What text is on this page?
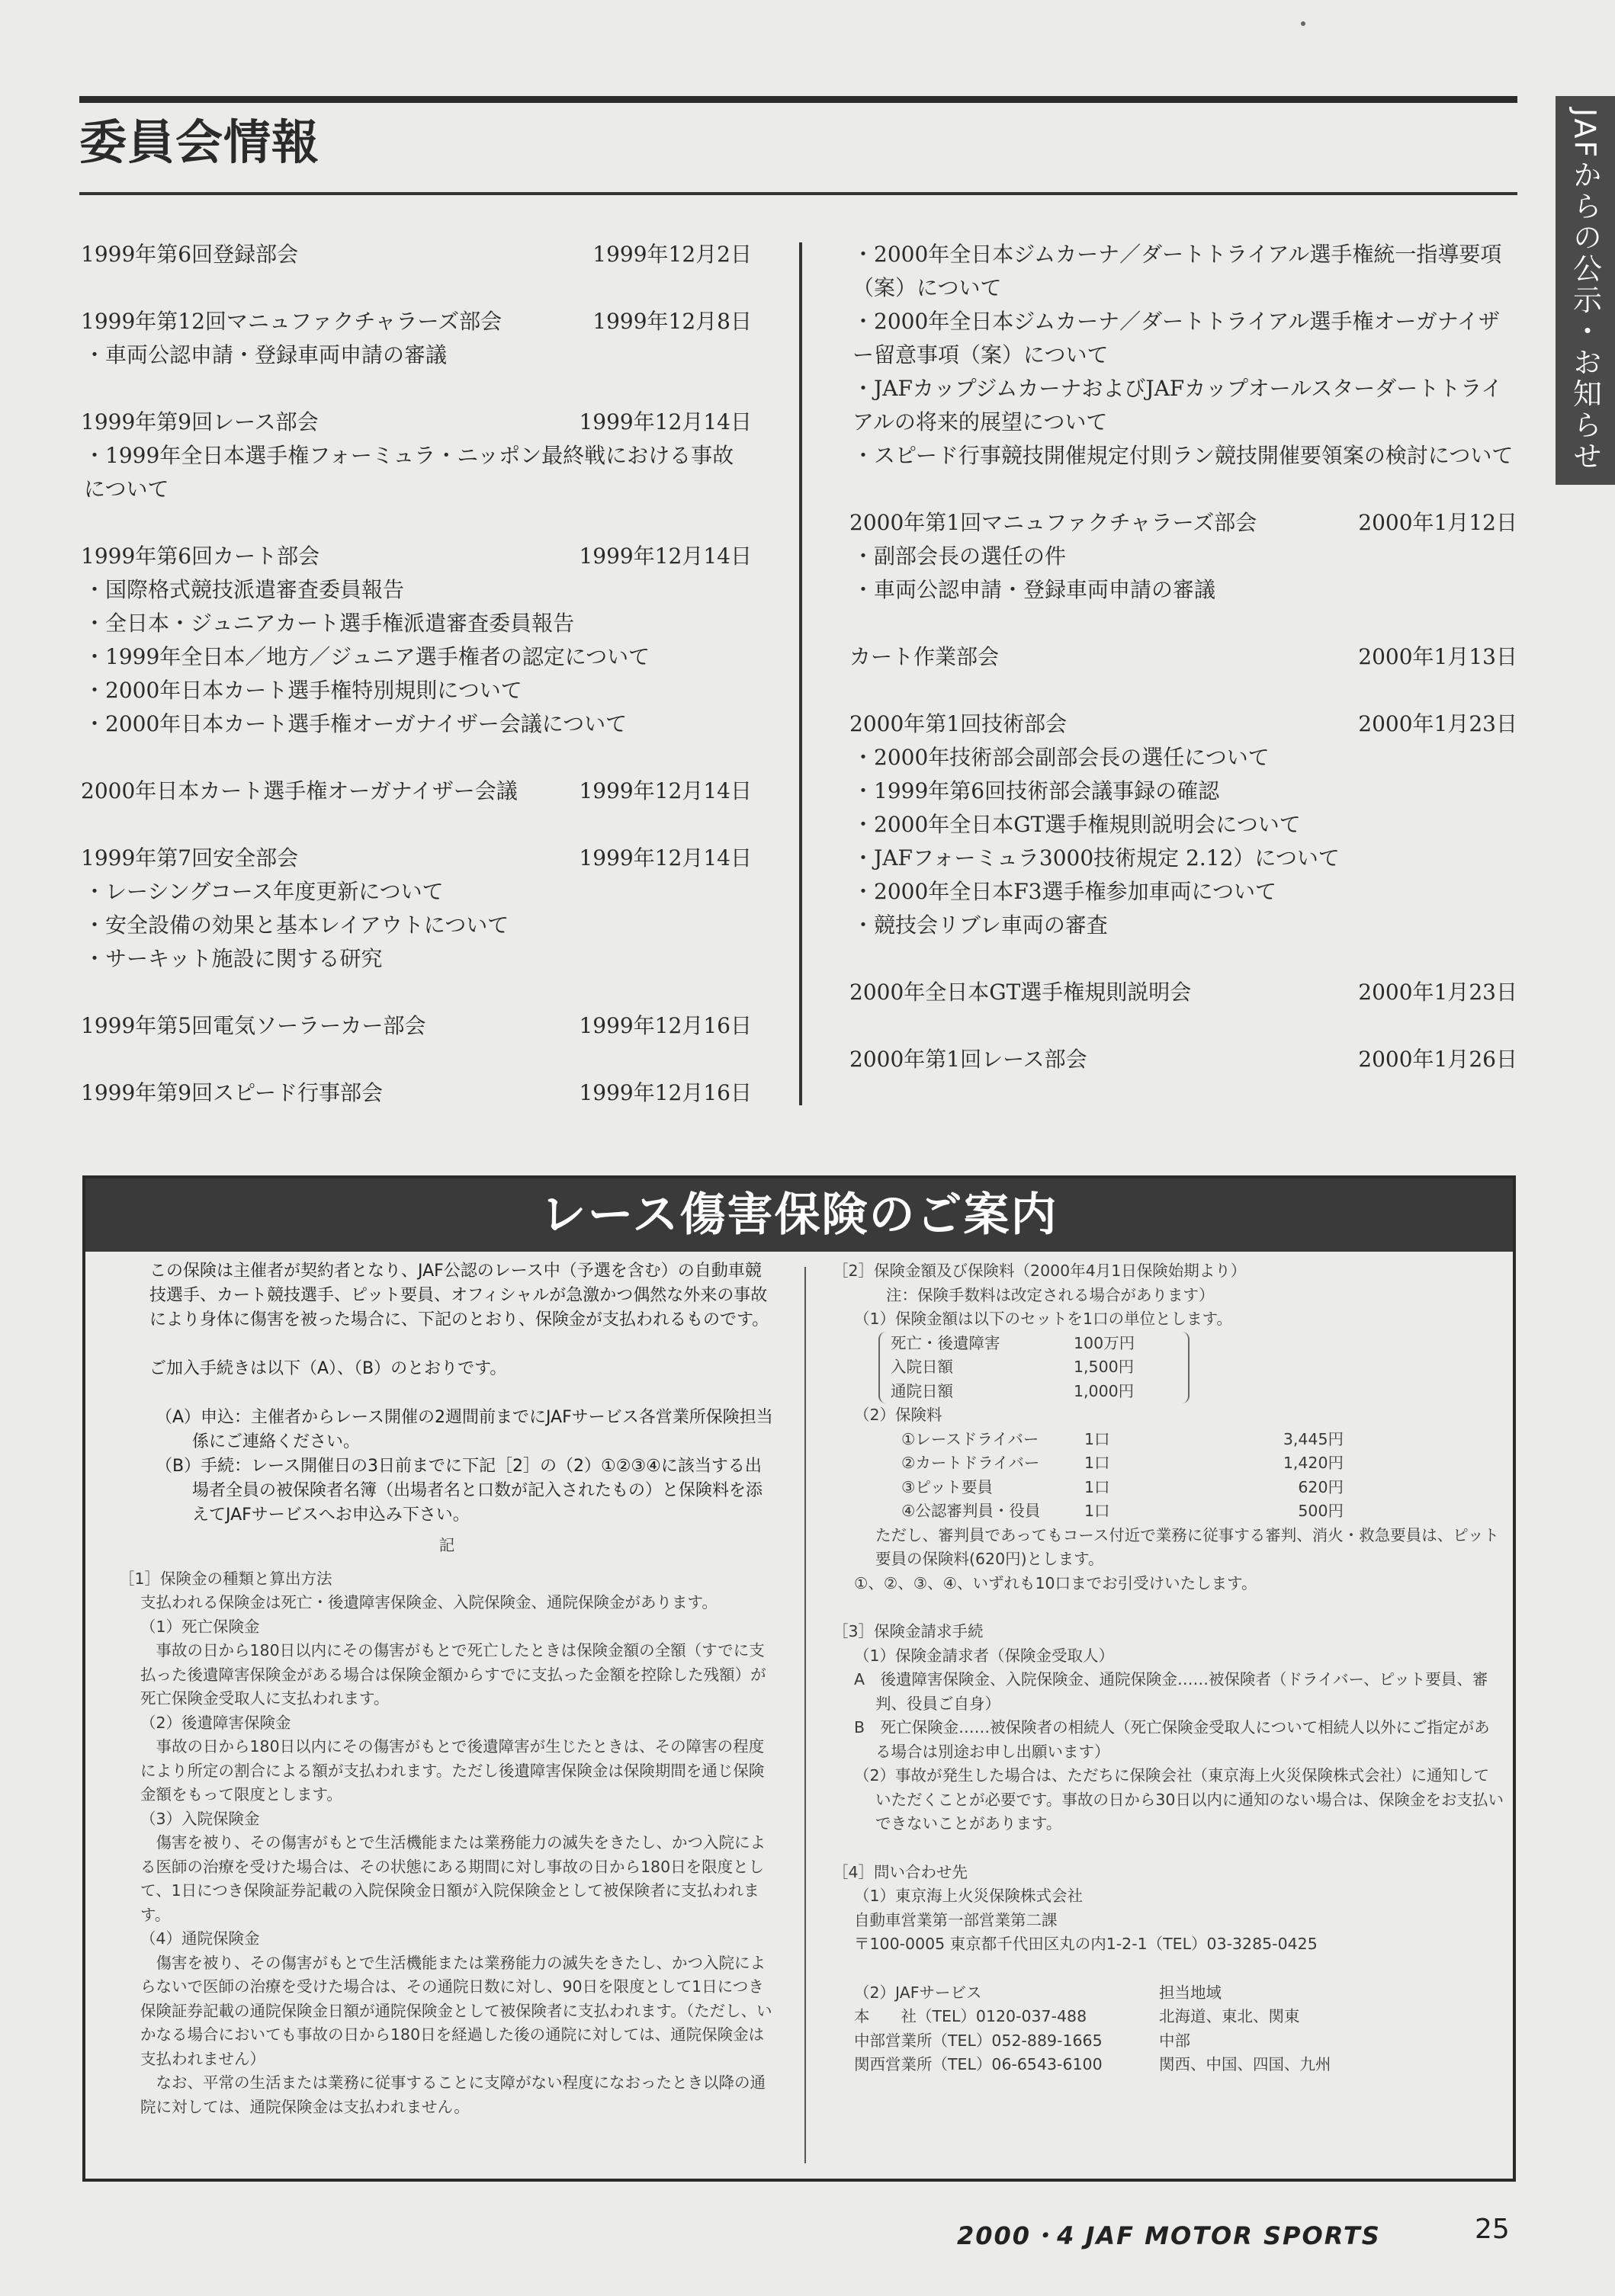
委員会情報	JAFからの公示・お知らせ
1999年第6回登録部会	1999年12月2日
1999年第12回マニュファクチャラーズ部会	1999年12月8日
・車両公認申請・登録車両申請の審議
1999年第9回レース部会	1999年12月14日
・1999年全日本選手権フォーミュラ・ニッポン最終戦における事故について
1999年第6回カート部会	1999年12月14日
・国際格式競技派遣審査委員報告
・全日本・ジュニアカート選手権派遣審査委員報告
・1999年全日本／地方／ジュニア選手権者の認定について
・2000年日本カート選手権特別規則について
・2000年日本カート選手権オーガナイザー会議について
2000年日本カート選手権オーガナイザー会議	1999年12月14日
1999年第7回安全部会	1999年12月14日
・レーシングコース年度更新について
・安全設備の効果と基本レイアウトについて
・サーキット施設に関する研究
1999年第5回電気ソーラーカー部会	1999年12月16日
1999年第9回スピード行事部会	1999年12月16日
・2000年全日本ジムカーナ／ダートトライアル選手権統一指導要項（案）について
・2000年全日本ジムカーナ／ダートトライアル選手権オーガナイザー留意事項（案）について
・JAFカップジムカーナおよびJAFカップオールスターダートトライアルの将来的展望について
・スピード行事競技開催規定付則ラン競技開催要領案の検討について
2000年第1回マニュファクチャラーズ部会	2000年1月12日
・副部会長の選任の件
・車両公認申請・登録車両申請の審議
カート作業部会	2000年1月13日
2000年第1回技術部会	2000年1月23日
・2000年技術部会副部会長の選任について
・1999年第6回技術部会議事録の確認
・2000年全日本GT選手権規則説明会について
・JAFフォーミュラ3000技術規定 2.12）について
・2000年全日本F3選手権参加車両について
・競技会リブレ車両の審査
2000年全日本GT選手権規則説明会	2000年1月23日
2000年第1回レース部会	2000年1月26日
レース傷害保険のご案内

この保険は主催者が契約者となり、JAF公認のレース中（予選を含む）の自動車競技選手、カート競技選手、ピット要員、オフィシャルが急激かつ偶然な外来の事故により身体に傷害を被った場合に、下記のとおり、保険金が支払われるものです。

ご加入手続きは以下（A）、（B）のとおりです。

（A）申込：主催者からレース開催の2週間前までにJAFサービス各営業所保険担当係にご連絡ください。

（B）手続：レース開催日の3日前までに下記［2］の（2）①②③④に該当する出場者全員の被保険者名簿（出場者名と口数が記入されたもの）と保険料を添えてJAFサービスへお申込み下さい。

記
［1］保険金の種類と算出方法
支払われる保険金は死亡・後遺障害保険金、入院保険金、通院保険金があります。
（1）死亡保険金
事故の日から180日以内にその傷害がもとで死亡したときは保険金額の全額（すでに支払った後遺障害保険金がある場合は保険金額からすでに支払った金額を控除した残額）が死亡保険金受取人に支払われます。
（2）後遺障害保険金
事故の日から180日以内にその傷害がもとで後遺障害が生じたときは、その障害の程度により所定の割合による額が支払われます。ただし後遺障害保険金は保険期間を通じ保険金額をもって限度とします。
（3）入院保険金
傷害を被り、その傷害がもとで生活機能または業務能力の滅失をきたし、かつ入院による医師の治療を受けた場合は、その状態にある期間に対し事故の日から180日を限度として、1日につき保険証券記載の入院保険金日額が入院保険金として被保険者に支払われます。
（4）通院保険金
傷害を被り、その傷害がもとで生活機能または業務能力の滅失をきたし、かつ入院によらないで医師の治療を受けた場合は、その通院日数に対し、90日を限度として1日につき保険証券記載の通院保険金日額が通院保険金として被保険者に支払われます。（ただし、いかなる場合においても事故の日から180日を経過した後の通院に対しては、通院保険金は支払われません）
なお、平常の生活または業務に従事することに支障がない程度になおったとき以降の通院に対しては、通院保険金は支払われません。
［2］保険金額及び保険料（2000年4月1日保険始期より）
注：保険手数料は改定される場合があります）
（1）保険金額は以下のセットを1口の単位とします。
死亡・後遺障害	100万円
入院日額	1,500円
通院日額	1,000円
（2）保険料
①レースドライバー	1口	3,445円
②カートドライバー	1口	1,420円
③ピット要員	1口	620円
④公認審判員・役員	1口	500円
ただし、審判員であってもコース付近で業務に従事する審判、消火・救急要員は、ピット要員の保険料(620円)とします。
①、②、③、④、いずれも10口までお引受けいたします。
［3］保険金請求手続
（1）保険金請求者（保険金受取人）
A　後遺障害保険金、入院保険金、通院保険金……被保険者（ドライバー、ピット要員、審判、役員ご自身）
B　死亡保険金……被保険者の相続人（死亡保険金受取人について相続人以外にご指定がある場合は別途お申し出願います）
（2）事故が発生した場合は、ただちに保険会社（東京海上火災保険株式会社）に通知していただくことが必要です。事故の日から30日以内に通知のない場合は、保険金をお支払いできないことがあります。
［4］問い合わせ先
（1）東京海上火災保険株式会社
自動車営業第一部営業第二課
〒100-0005 東京都千代田区丸の内1-2-1（TEL）03-3285-0425
（2）JAFサービス	担当地域
本　　社（TEL）0120-037-488	北海道、東北、関東
中部営業所（TEL）052-889-1665	中部
関西営業所（TEL）06-6543-6100	関西、中国、四国、九州
2000・4 JAF MOTOR SPORTS	25
